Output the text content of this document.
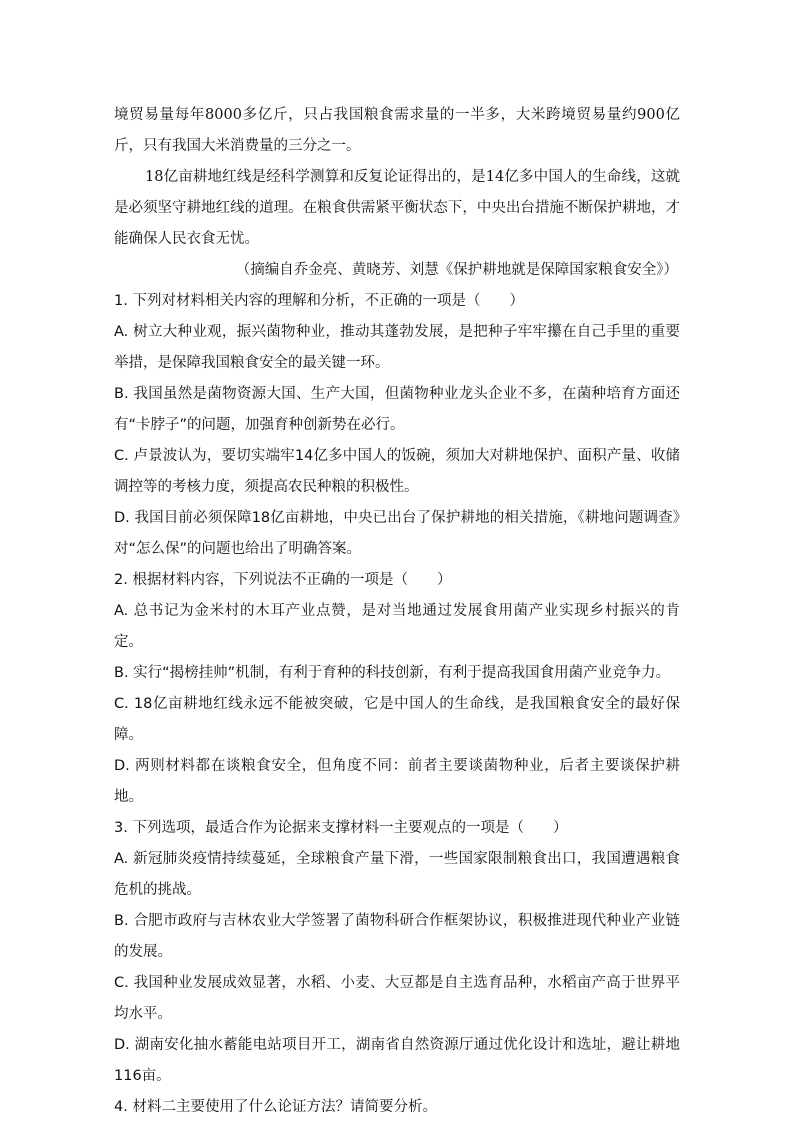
境贸易量每年8000多亿斤，只占我国粮食需求量的一半多，大米跨境贸易量约900亿斤，只有我国大米消费量的三分之一。

18亿亩耕地红线是经科学测算和反复论证得出的，是14亿多中国人的生命线，这就是必须坚守耕地红线的道理。在粮食供需紧平衡状态下，中央出台措施不断保护耕地，才能确保人民衣食无忧。

（摘编自乔金亮、黄晓芳、刘慧《保护耕地就是保障国家粮食安全》）

1. 下列对材料相关内容的理解和分析，不正确的一项是（　　）

A. 树立大种业观，振兴菌物种业，推动其蓬勃发展，是把种子牢牢攥在自己手里的重要举措，是保障我国粮食安全的最关键一环。

B. 我国虽然是菌物资源大国、生产大国，但菌物种业龙头企业不多，在菌种培育方面还有“卡脖子”的问题，加强育种创新势在必行。

C. 卢景波认为，要切实端牢14亿多中国人的饭碗，须加大对耕地保护、面积产量、收储调控等的考核力度，须提高农民种粮的积极性。

D. 我国目前必须保障18亿亩耕地，中央已出台了保护耕地的相关措施，《耕地问题调查》对“怎么保”的问题也给出了明确答案。

2. 根据材料内容，下列说法不正确的一项是（　　）

A. 总书记为金米村的木耳产业点赞，是对当地通过发展食用菌产业实现乡村振兴的肯定。

B. 实行“揭榜挂帅”机制，有利于育种的科技创新，有利于提高我国食用菌产业竞争力。

C. 18亿亩耕地红线永远不能被突破，它是中国人的生命线，是我国粮食安全的最好保障。

D. 两则材料都在谈粮食安全，但角度不同：前者主要谈菌物种业，后者主要谈保护耕地。

3. 下列选项，最适合作为论据来支撑材料一主要观点的一项是（　　）

A. 新冠肺炎疫情持续蔓延，全球粮食产量下滑，一些国家限制粮食出口，我国遭遇粮食危机的挑战。

B. 合肥市政府与吉林农业大学签署了菌物科研合作框架协议，积极推进现代种业产业链的发展。

C. 我国种业发展成效显著，水稻、小麦、大豆都是自主选育品种，水稻亩产高于世界平均水平。

D. 湖南安化抽水蓄能电站项目开工，湖南省自然资源厅通过优化设计和选址，避让耕地116亩。

4. 材料二主要使用了什么论证方法？请简要分析。
